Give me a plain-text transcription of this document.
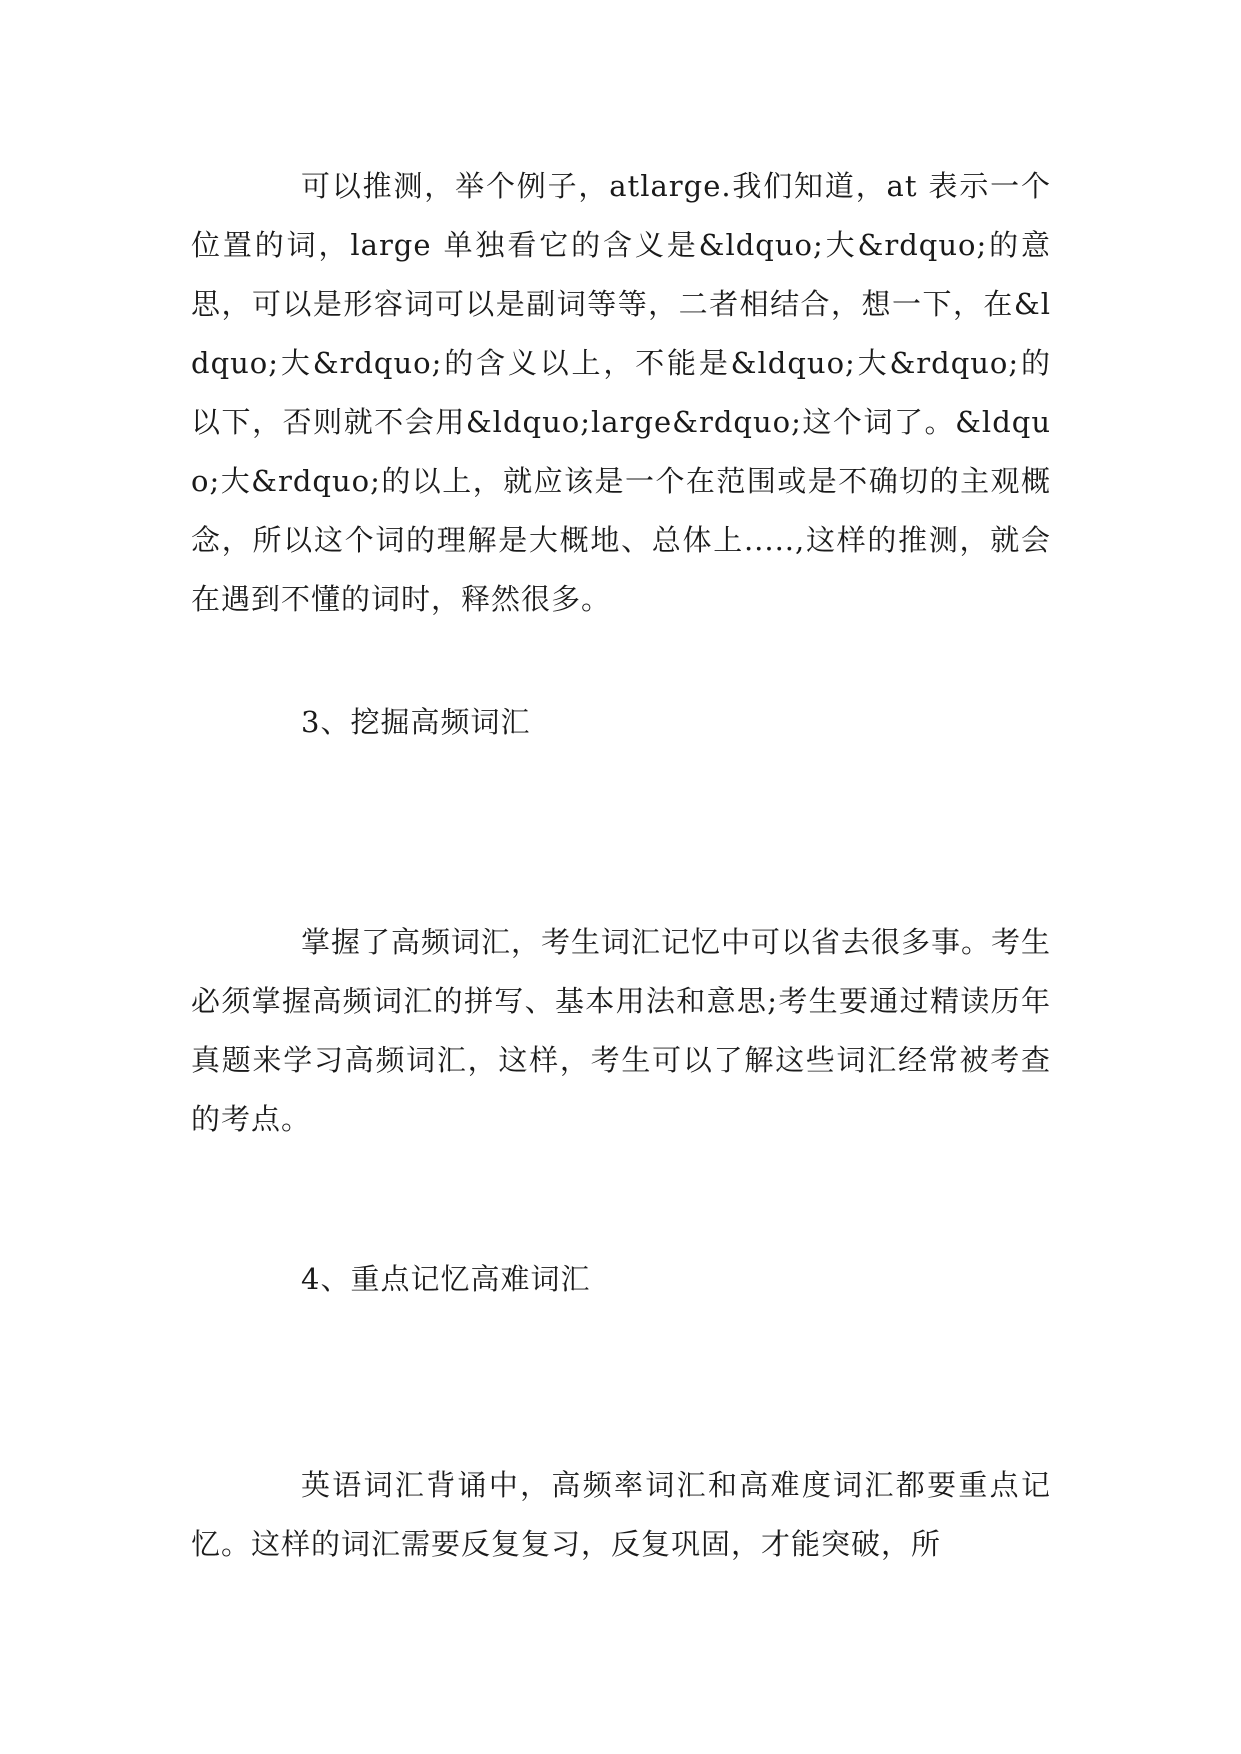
可以推测，举个例子，atlarge.我们知道，at 表示一个位置的词，large 单独看它的含义是&ldquo;大&rdquo;的意思，可以是形容词可以是副词等等，二者相结合，想一下，在&ldquo;大&rdquo;的含义以上，不能是&ldquo;大&rdquo;的以下，否则就不会用&ldquo;large&rdquo;这个词了。&ldquo;大&rdquo;的以上，就应该是一个在范围或是不确切的主观概念，所以这个词的理解是大概地、总体上.....,这样的推测，就会在遇到不懂的词时，释然很多。

3、挖掘高频词汇

掌握了高频词汇，考生词汇记忆中可以省去很多事。考生必须掌握高频词汇的拼写、基本用法和意思;考生要通过精读历年真题来学习高频词汇，这样，考生可以了解这些词汇经常被考查的考点。

4、重点记忆高难词汇

英语词汇背诵中，高频率词汇和高难度词汇都要重点记忆。这样的词汇需要反复复习，反复巩固，才能突破，所
